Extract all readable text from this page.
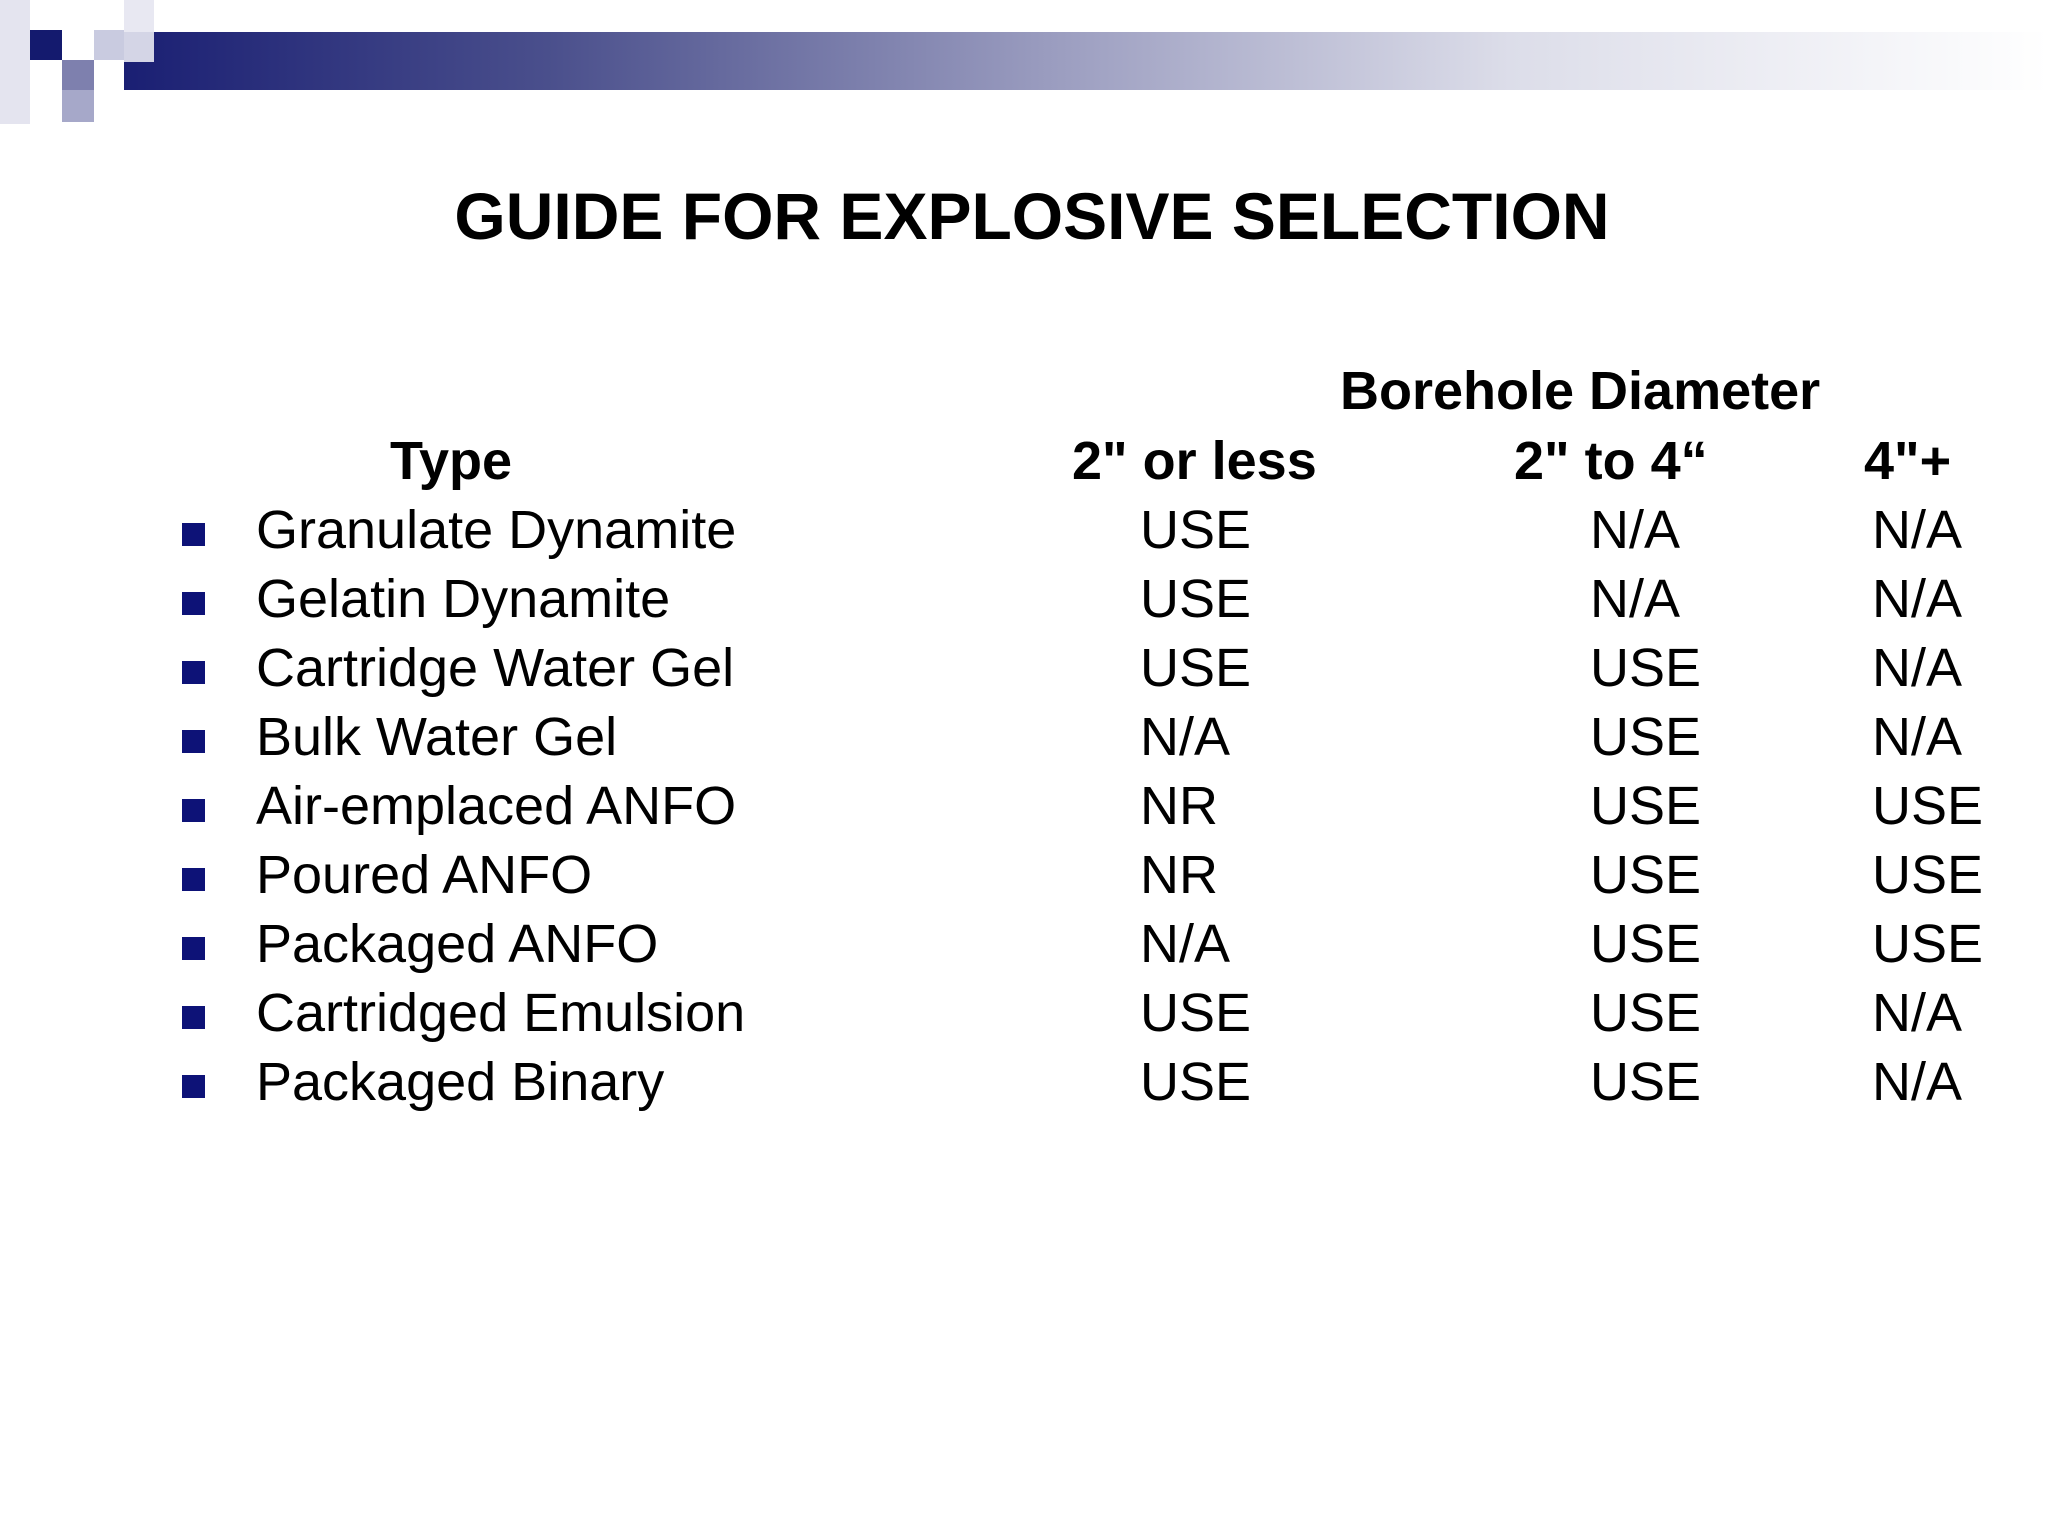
GUIDE FOR EXPLOSIVE SELECTION
Borehole Diameter
Type	2" or less	2" to 4“	4"+
Granulate Dynamite	USE	N/A	N/A
Gelatin Dynamite	USE	N/A	N/A
Cartridge Water Gel	USE	USE	N/A
Bulk Water Gel	N/A	USE	N/A
Air-emplaced ANFO	NR	USE	USE
Poured ANFO	NR	USE	USE
Packaged ANFO	N/A	USE	USE
Cartridged Emulsion	USE	USE	N/A
Packaged Binary	USE	USE	N/A
